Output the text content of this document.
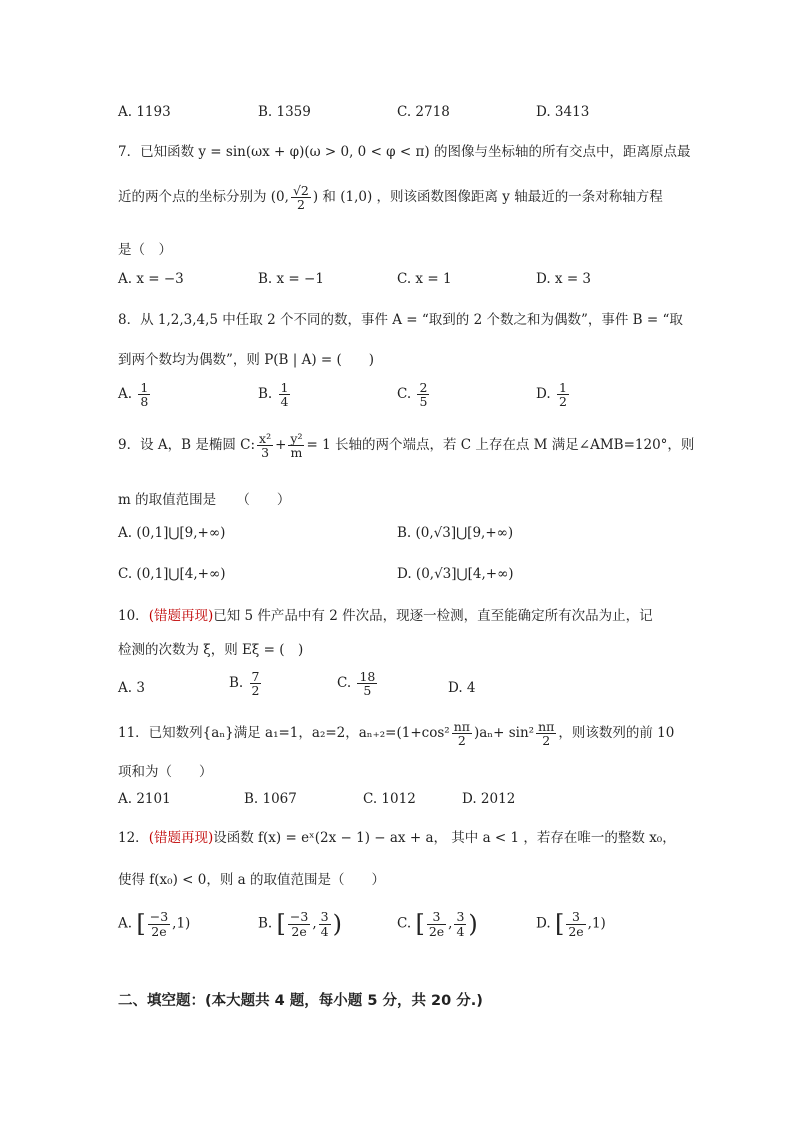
A. 1193	B. 1359	C. 2718	D. 3413
7．已知函数 y = sin(ωx + φ)(ω > 0, 0 < φ < π) 的图像与坐标轴的所有交点中，距离原点最
近的两个点的坐标分别为 (0, $\frac{√2}{2}$ ) 和 (1,0) ，则该函数图像距离 y 轴最近的一条对称轴方程
是（　）
A. x = −3	B. x = −1	C. x = 1	D. x = 3
8．从 1,2,3,4,5 中任取 2 个不同的数，事件 A = “取到的 2 个数之和为偶数”，事件 B = “取
到两个数均为偶数”，则 P(B | A) = (　　)
A. $\frac{1}{8}$	B. $\frac{1}{4}$	C. $\frac{2}{5}$	D. $\frac{1}{2}$
9．设 A，B 是椭圆 C: $\frac{\text{x²}}{3} + \frac{\text{y²}}{m} = 1$ 长轴的两个端点，若 C 上存在点 M 满足∠AMB=120°，则
m 的取值范围是　　（　　）
A. (0,1]⋃[9,+∞)	B. (0,√3]⋃[9,+∞)
C. (0,1]⋃[4,+∞)	D. (0,√3]⋃[4,+∞)
10．(错题再现)已知 5 件产品中有 2 件次品，现逐一检测，直至能确定所有次品为止，记
检测的次数为 ξ，则 Eξ = (　)
A. 3	B. $\frac{7}{2}$	C. $\frac{18}{5}$	D. 4
11．已知数列{aₙ}满足 a₁=1，a₂=2，$a_{n+2}=(1+\cos^2 \frac{n\pi}{2} )a_n+ \sin^2 \frac{n\pi}{2}$ ，则该数列的前 10
项和为（　　）
A. 2101	B. 1067	C. 1012	D. 2012
12．(错题再现)设函数 f(x) = eˣ(2x − 1) − ax + a， 其中 a < 1 ，若存在唯一的整数 x₀，
使得 f(x₀) < 0，则 a 的取值范围是（　　）
A. [ $\frac{-3}{2e} ,1$)	B. [ $\frac{-3}{2e}$ , $\frac{3}{4}$ )	C. [ $\frac{3}{2e}$ , $\frac{3}{4}$ )	D. [ $\frac{3}{2e} ,1$)
二、填空题：(本大题共 4 题，每小题 5 分，共 20 分.)
